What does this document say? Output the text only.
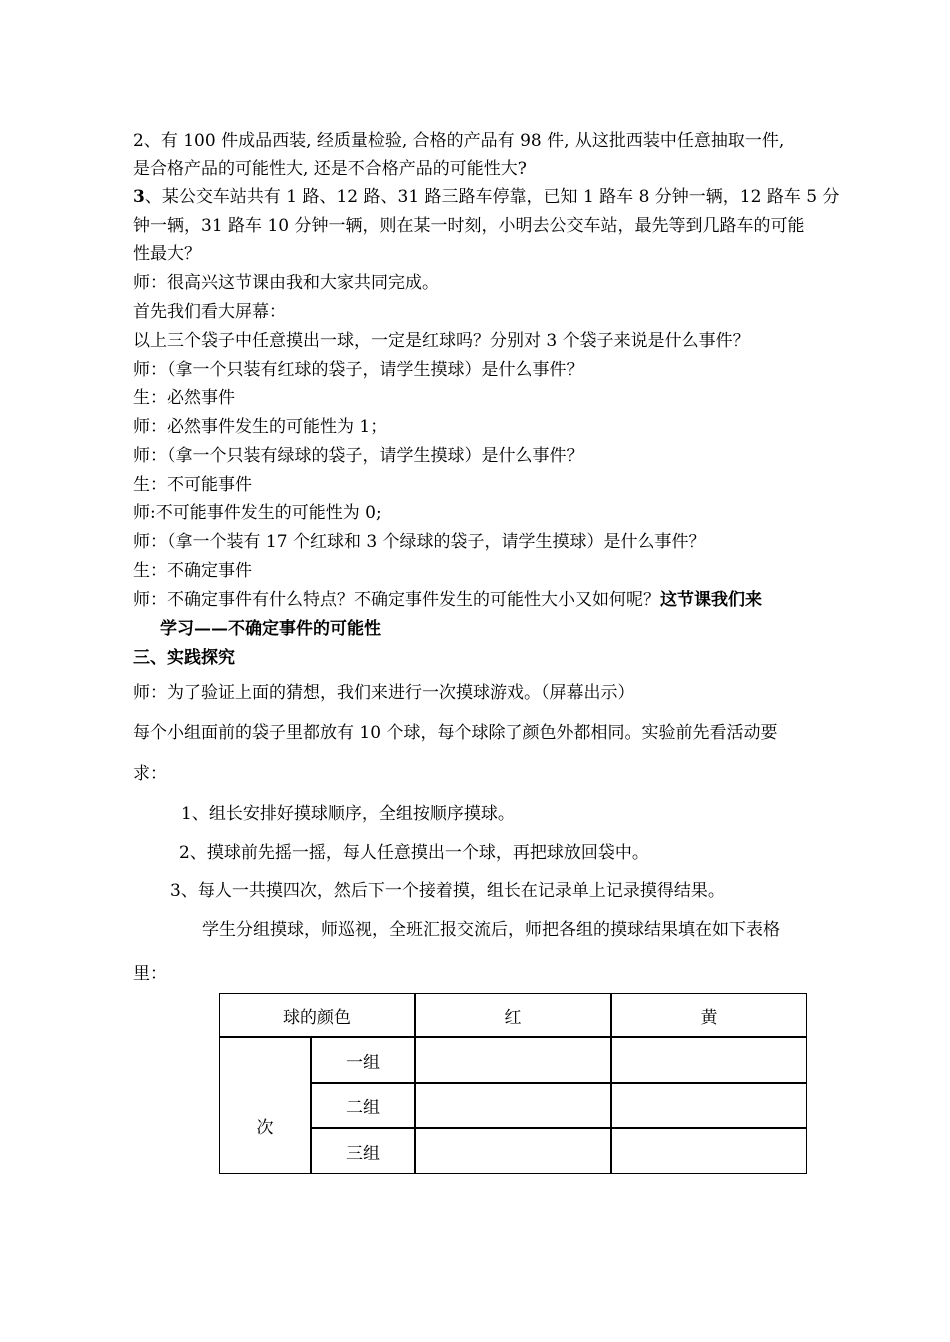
2、有 100 件成品西装, 经质量检验, 合格的产品有 98 件, 从这批西装中任意抽取一件,
是合格产品的可能性大, 还是不合格产品的可能性大?
3、某公交车站共有 1 路、12 路、31 路三路车停靠，已知 1 路车 8 分钟一辆，12 路车 5 分
钟一辆，31 路车 10 分钟一辆，则在某一时刻，小明去公交车站，最先等到几路车的可能
性最大？
师：很高兴这节课由我和大家共同完成。
首先我们看大屏幕：
以上三个袋子中任意摸出一球，一定是红球吗？分别对 3 个袋子来说是什么事件？
师：（拿一个只装有红球的袋子，请学生摸球）是什么事件？
生：必然事件
师：必然事件发生的可能性为 1；
师：（拿一个只装有绿球的袋子，请学生摸球）是什么事件？
生：不可能事件
师:不可能事件发生的可能性为 0;
师：（拿一个装有 17 个红球和 3 个绿球的袋子，请学生摸球）是什么事件？
生：不确定事件
师：不确定事件有什么特点？不确定事件发生的可能性大小又如何呢？这节课我们来
学习——不确定事件的可能性
三、实践探究
师：为了验证上面的猜想，我们来进行一次摸球游戏。（屏幕出示）
每个小组面前的袋子里都放有 10 个球，每个球除了颜色外都相同。实验前先看活动要
求：
1、组长安排好摸球顺序，全组按顺序摸球。
2、摸球前先摇一摇，每人任意摸出一个球，再把球放回袋中。
3、每人一共摸四次，然后下一个接着摸，组长在记录单上记录摸得结果。
学生分组摸球，师巡视，全班汇报交流后，师把各组的摸球结果填在如下表格
里：
球的颜色		红	黄
次	一组		
	二组		
	三组		
